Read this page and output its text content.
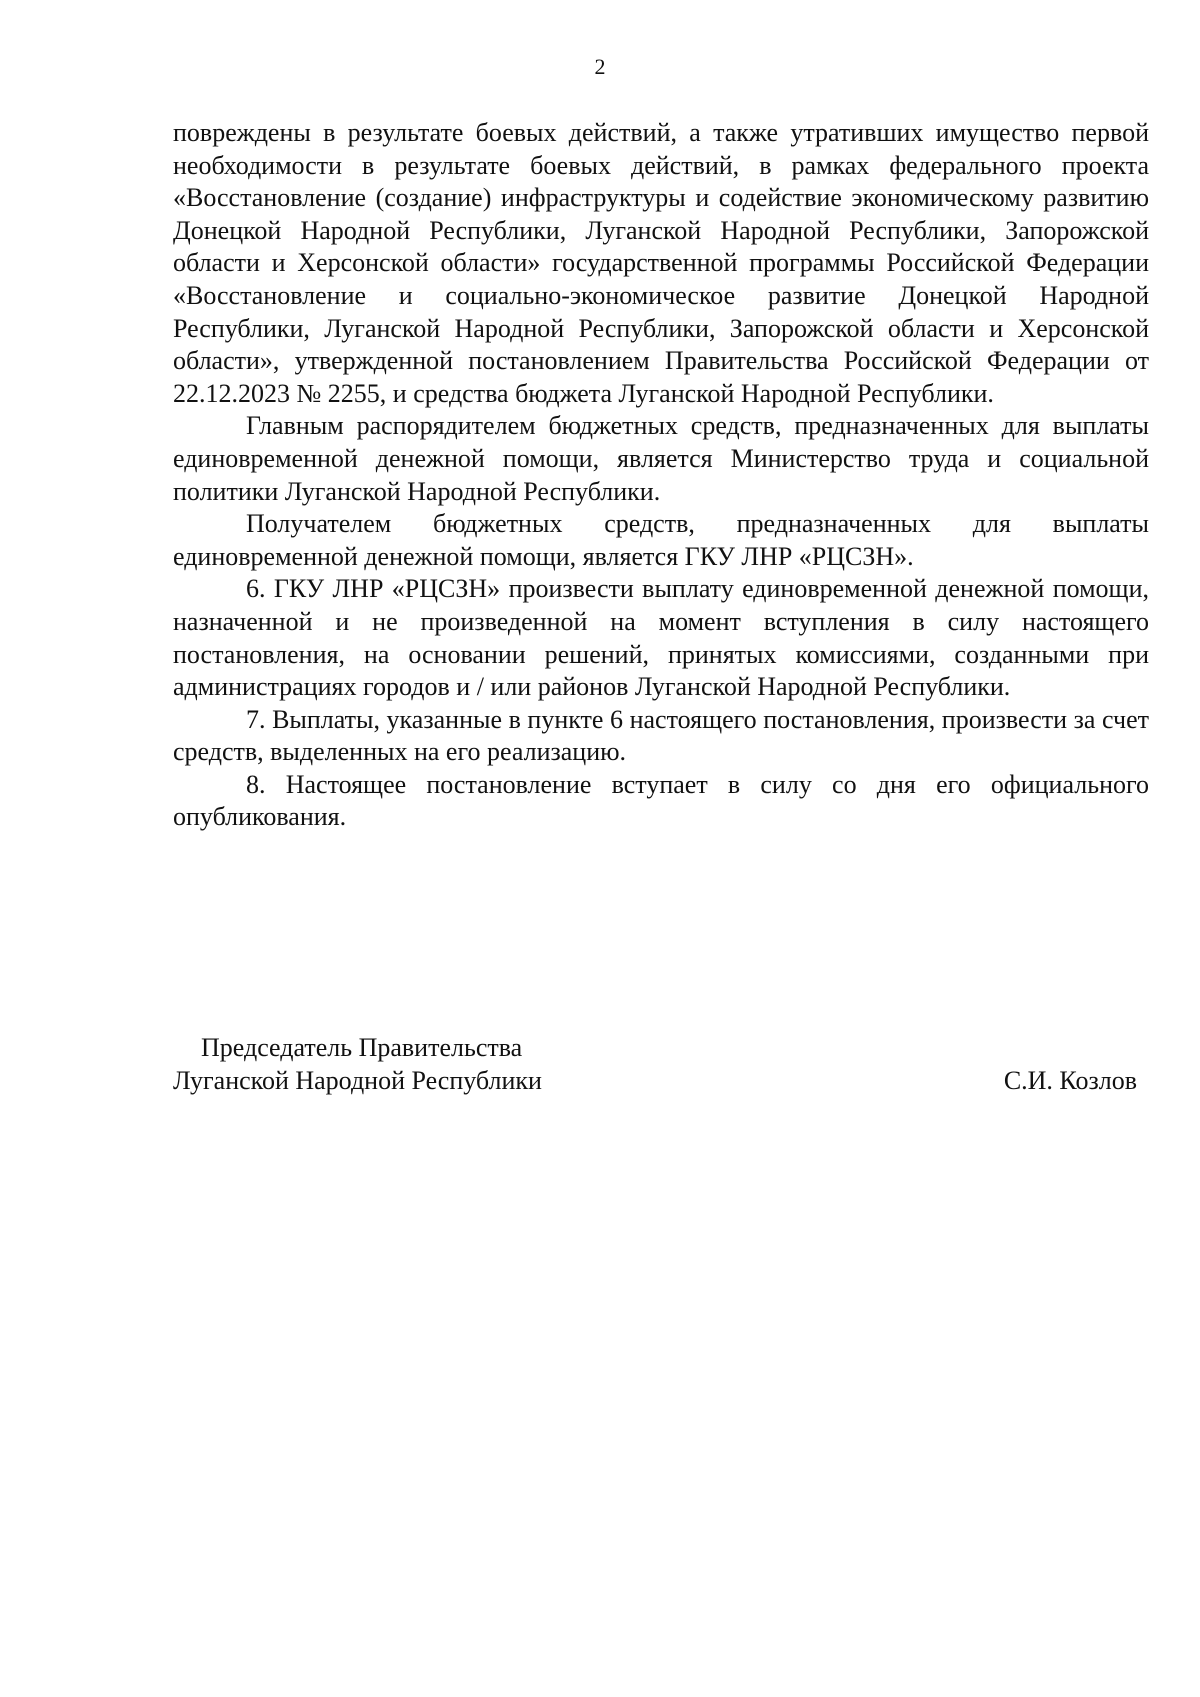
2

повреждены в результате боевых действий, а также утративших имущество первой необходимости в результате боевых действий, в рамках федерального проекта «Восстановление (создание) инфраструктуры и содействие экономическому развитию Донецкой Народной Республики, Луганской Народной Республики, Запорожской области и Херсонской области» государственной программы Российской Федерации «Восстановление и социально-экономическое развитие Донецкой Народной Республики, Луганской Народной Республики, Запорожской области и Херсонской области», утвержденной постановлением Правительства Российской Федерации от 22.12.2023 № 2255, и средства бюджета Луганской Народной Республики.

Главным распорядителем бюджетных средств, предназначенных для выплаты единовременной денежной помощи, является Министерство труда и социальной политики Луганской Народной Республики.

Получателем бюджетных средств, предназначенных для выплаты единовременной денежной помощи, является ГКУ ЛНР «РЦСЗН».

6. ГКУ ЛНР «РЦСЗН» произвести выплату единовременной денежной помощи, назначенной и не произведенной на момент вступления в силу настоящего постановления, на основании решений, принятых комиссиями, созданными при администрациях городов и / или районов Луганской Народной Республики.

7. Выплаты, указанные в пункте 6 настоящего постановления, произвести за счет средств, выделенных на его реализацию.

8. Настоящее постановление вступает в силу со дня его официального опубликования.

Председатель Правительства
Луганской Народной Республики	С.И. Козлов
